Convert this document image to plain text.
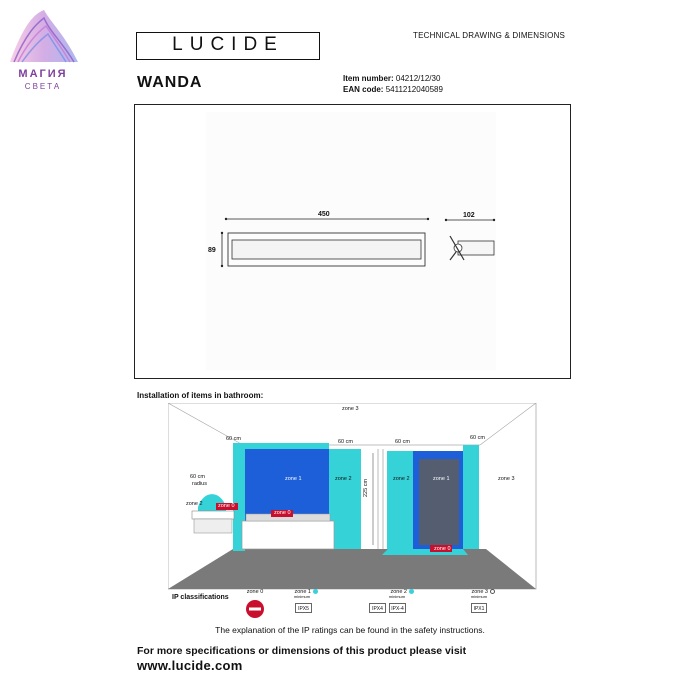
МАГИЯ
СВЕТА
LUCIDE	TECHNICAL DRAWING & DIMENSIONS
WANDA	Item number: 04212/12/30
EAN code: 5411212040589
450
89
102
Installation of items in bathroom:
zone 3
60 cm	60 cm	60 cm
60 cm
60 cm
radius
zone 2	zone 0
zone 1
zone 0
zone 2 225 cm	zone 2	zone 1
zone 0
zone 3
IP classifications
zone 0	zone 1
minimum
IPX5
zone 2
minimum
IPX4	IPX-4
zone 3
minimum
IPX1
The explanation of the IP ratings can be found in the safety instructions.
For more specifications or dimensions of this product please visit
www.lucide.com
